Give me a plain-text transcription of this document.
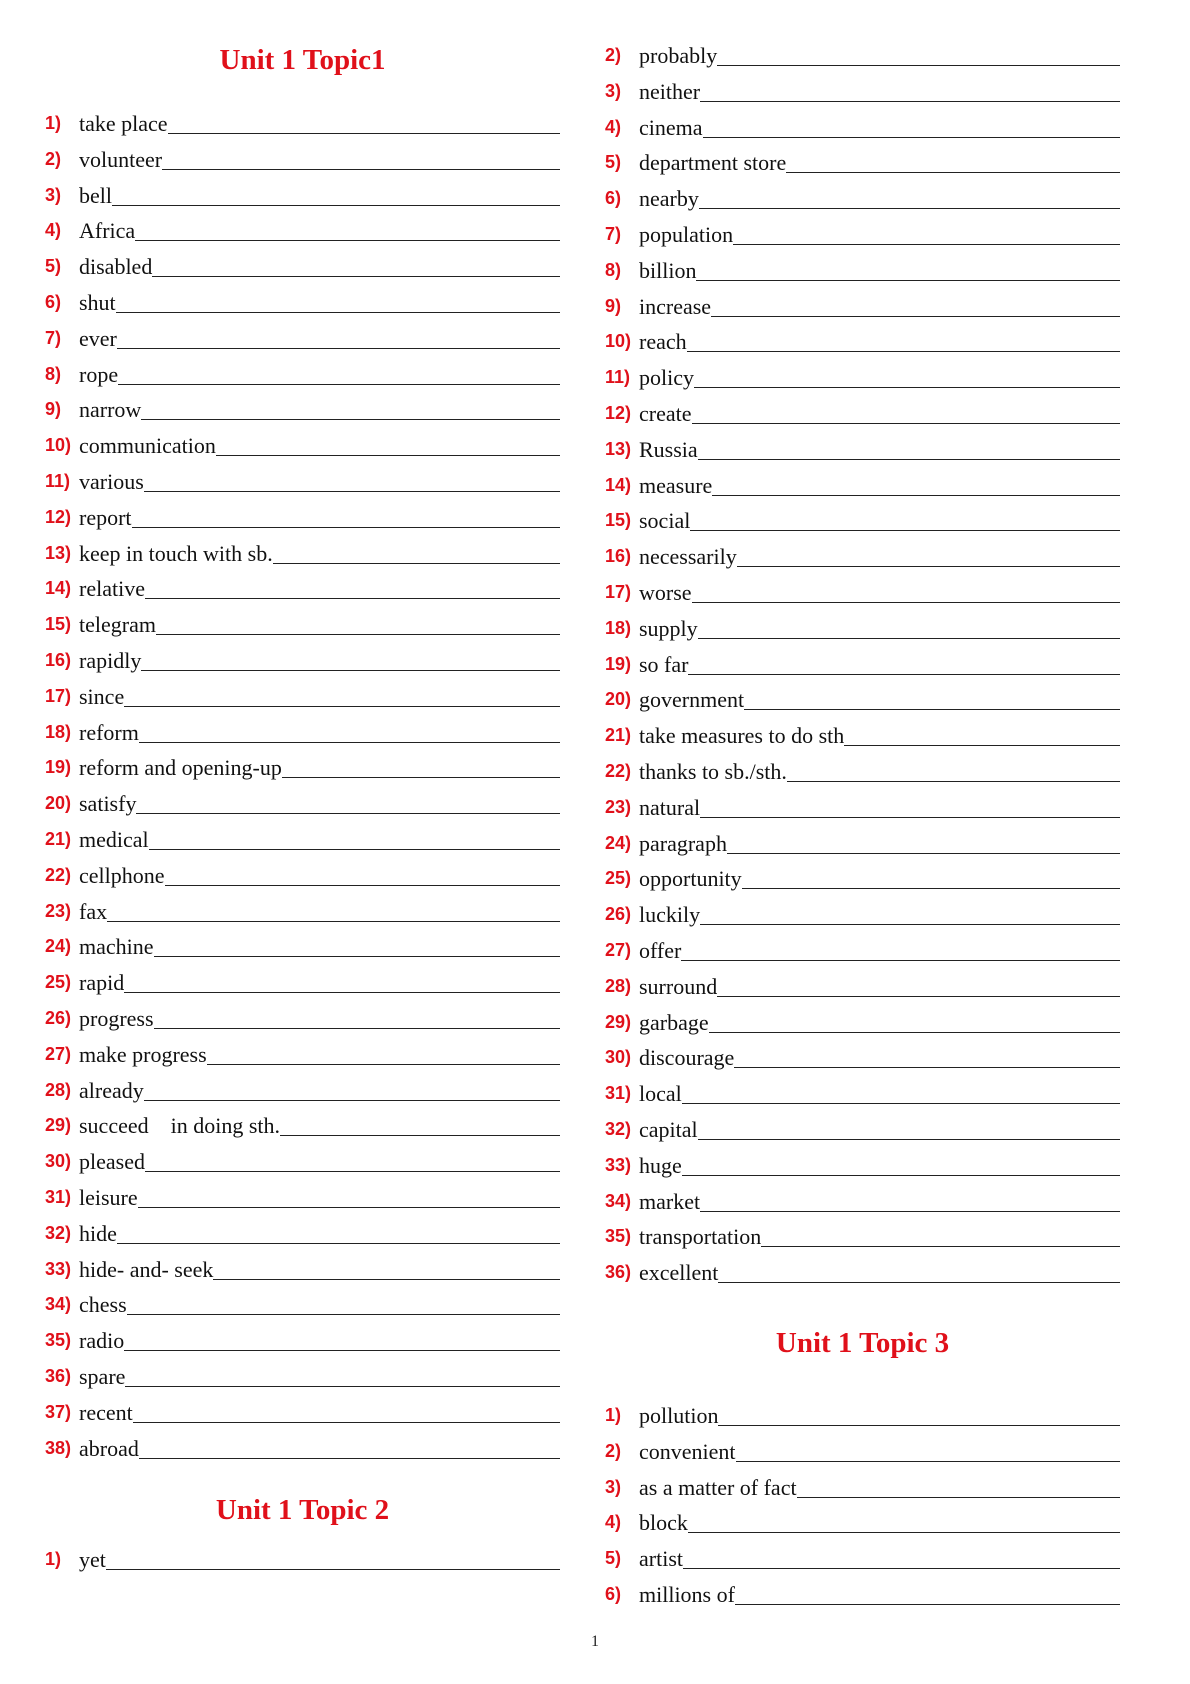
Unit 1 Topic1
1) take place
2) volunteer
3) bell
4) Africa
5) disabled
6) shut
7) ever
8) rope
9) narrow
10) communication
11) various
12) report
13) keep in touch with sb.
14) relative
15) telegram
16) rapidly
17) since
18) reform
19) reform and opening-up
20) satisfy
21) medical
22) cellphone
23) fax
24) machine
25) rapid
26) progress
27) make progress
28) already
29) succeed    in doing sth.
30) pleased
31) leisure
32) hide
33) hide- and- seek
34) chess
35) radio
36) spare
37) recent
38) abroad
Unit 1 Topic 2
1) yet
2) probably
3) neither
4) cinema
5) department store
6) nearby
7) population
8) billion
9) increase
10) reach
11) policy
12) create
13) Russia
14) measure
15) social
16) necessarily
17) worse
18) supply
19) so far
20) government
21) take measures to do sth
22) thanks to sb./sth.
23) natural
24) paragraph
25) opportunity
26) luckily
27) offer
28) surround
29) garbage
30) discourage
31) local
32) capital
33) huge
34) market
35) transportation
36) excellent
Unit 1 Topic 3
1) pollution
2) convenient
3) as a matter of fact
4) block
5) artist
6) millions of
1
